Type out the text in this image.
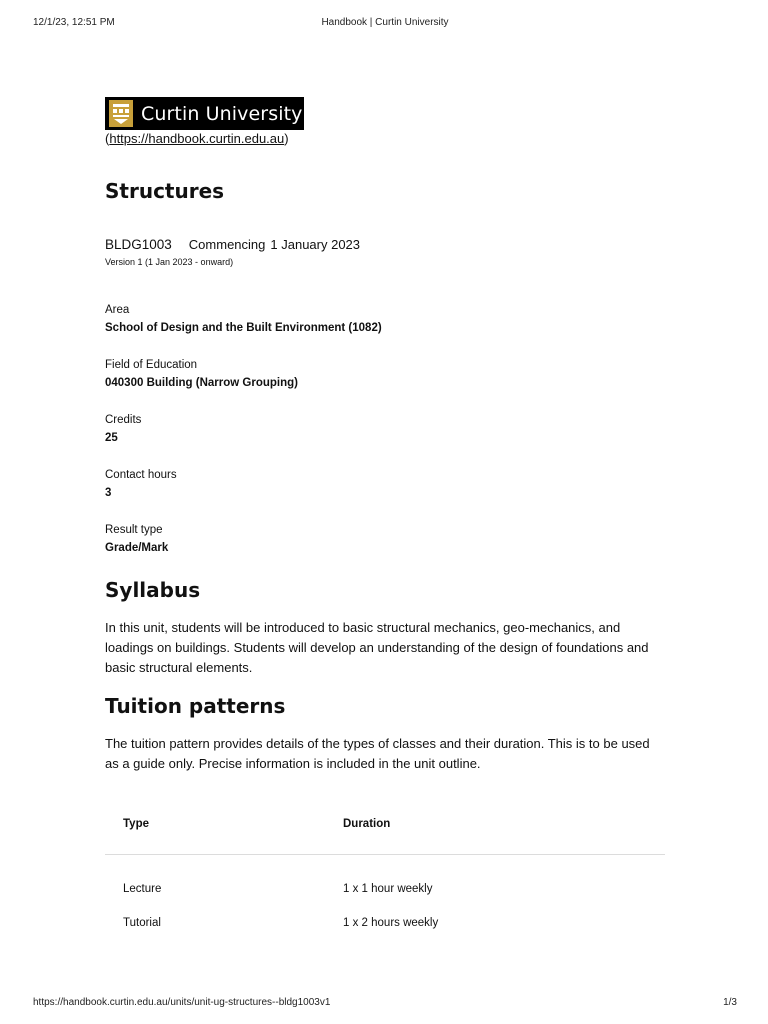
12/1/23, 12:51 PM	Handbook | Curtin University
Curtin University
(https://handbook.curtin.edu.au)
Structures
BLDG1003 Commencing 1 January 2023
Version 1 (1 Jan 2023 - onward)
Area
School of Design and the Built Environment (1082)
Field of Education
040300 Building (Narrow Grouping)
Credits
25
Contact hours
3
Result type
Grade/Mark
Syllabus

In this unit, students will be introduced to basic structural mechanics, geo-mechanics, and loadings on buildings. Students will develop an understanding of the design of foundations and basic structural elements.

Tuition patterns

The tuition pattern provides details of the types of classes and their duration. This is to be used as a guide only. Precise information is included in the unit outline.

Type	Duration
Lecture	1 x 1 hour weekly
Tutorial	1 x 2 hours weekly
https://handbook.curtin.edu.au/units/unit-ug-structures--bldg1003v1	1/3
